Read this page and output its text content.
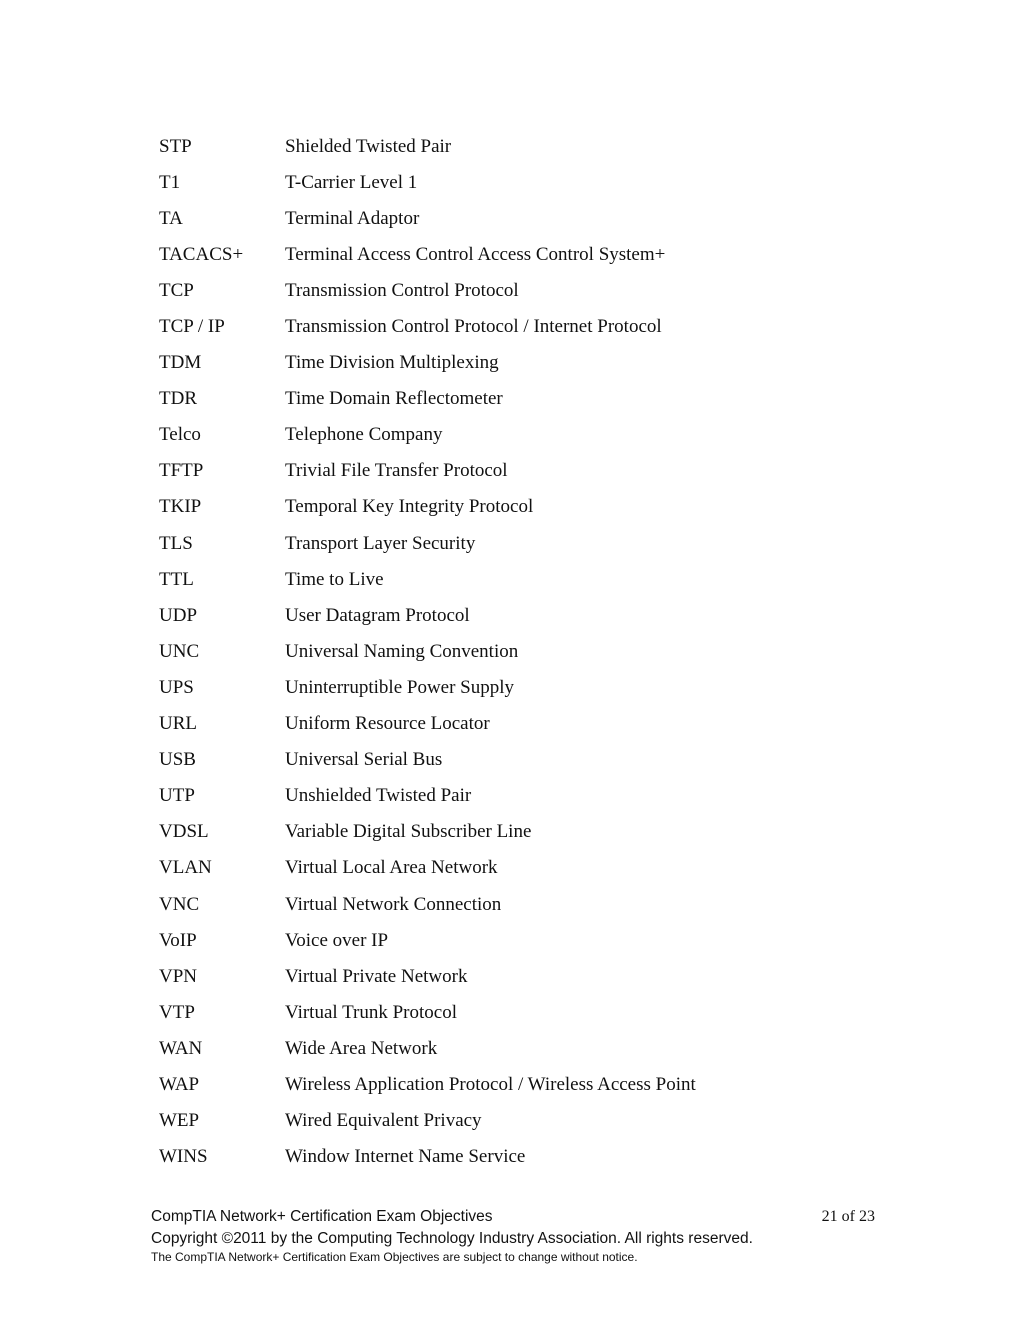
STP	Shielded Twisted Pair
T1	T-Carrier Level 1
TA	Terminal Adaptor
TACACS+	Terminal Access Control Access Control System+
TCP	Transmission Control Protocol
TCP / IP	Transmission Control Protocol / Internet Protocol
TDM	Time Division Multiplexing
TDR	Time Domain Reflectometer
Telco	Telephone Company
TFTP	Trivial File Transfer Protocol
TKIP	Temporal Key Integrity Protocol
TLS	Transport Layer Security
TTL	Time to Live
UDP	User Datagram Protocol
UNC	Universal Naming Convention
UPS	Uninterruptible Power Supply
URL	Uniform Resource Locator
USB	Universal Serial Bus
UTP	Unshielded Twisted Pair
VDSL	Variable Digital Subscriber Line
VLAN	Virtual Local Area Network
VNC	Virtual Network Connection
VoIP	Voice over IP
VPN	Virtual Private Network
VTP	Virtual Trunk Protocol
WAN	Wide Area Network
WAP	Wireless Application Protocol / Wireless Access Point
WEP	Wired Equivalent Privacy
WINS	Window Internet Name Service
CompTIA Network+ Certification Exam Objectives	21 of 23
Copyright ©2011 by the Computing Technology Industry Association. All rights reserved.
The CompTIA Network+ Certification Exam Objectives are subject to change without notice.
